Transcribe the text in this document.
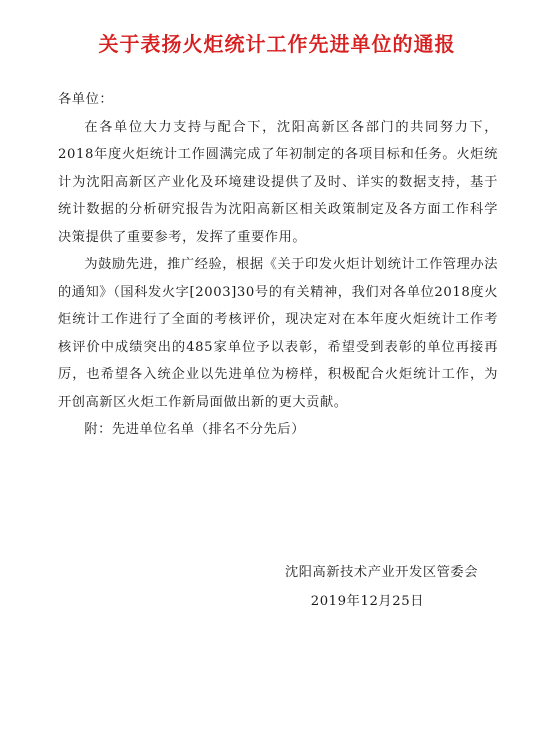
关于表扬火炬统计工作先进单位的通报

各单位：

在各单位大力支持与配合下，沈阳高新区各部门的共同努力下，2018年度火炬统计工作圆满完成了年初制定的各项目标和任务。火炬统计为沈阳高新区产业化及环境建设提供了及时、详实的数据支持，基于统计数据的分析研究报告为沈阳高新区相关政策制定及各方面工作科学决策提供了重要参考，发挥了重要作用。

为鼓励先进，推广经验，根据《关于印发火炬计划统计工作管理办法的通知》（国科发火字[2003]30号的有关精神，我们对各单位2018度火炬统计工作进行了全面的考核评价，现决定对在本年度火炬统计工作考核评价中成绩突出的485家单位予以表彰，希望受到表彰的单位再接再厉，也希望各入统企业以先进单位为榜样，积极配合火炬统计工作，为开创高新区火炬工作新局面做出新的更大贡献。

附：先进单位名单（排名不分先后）

沈阳高新技术产业开发区管委会
2019年12月25日
